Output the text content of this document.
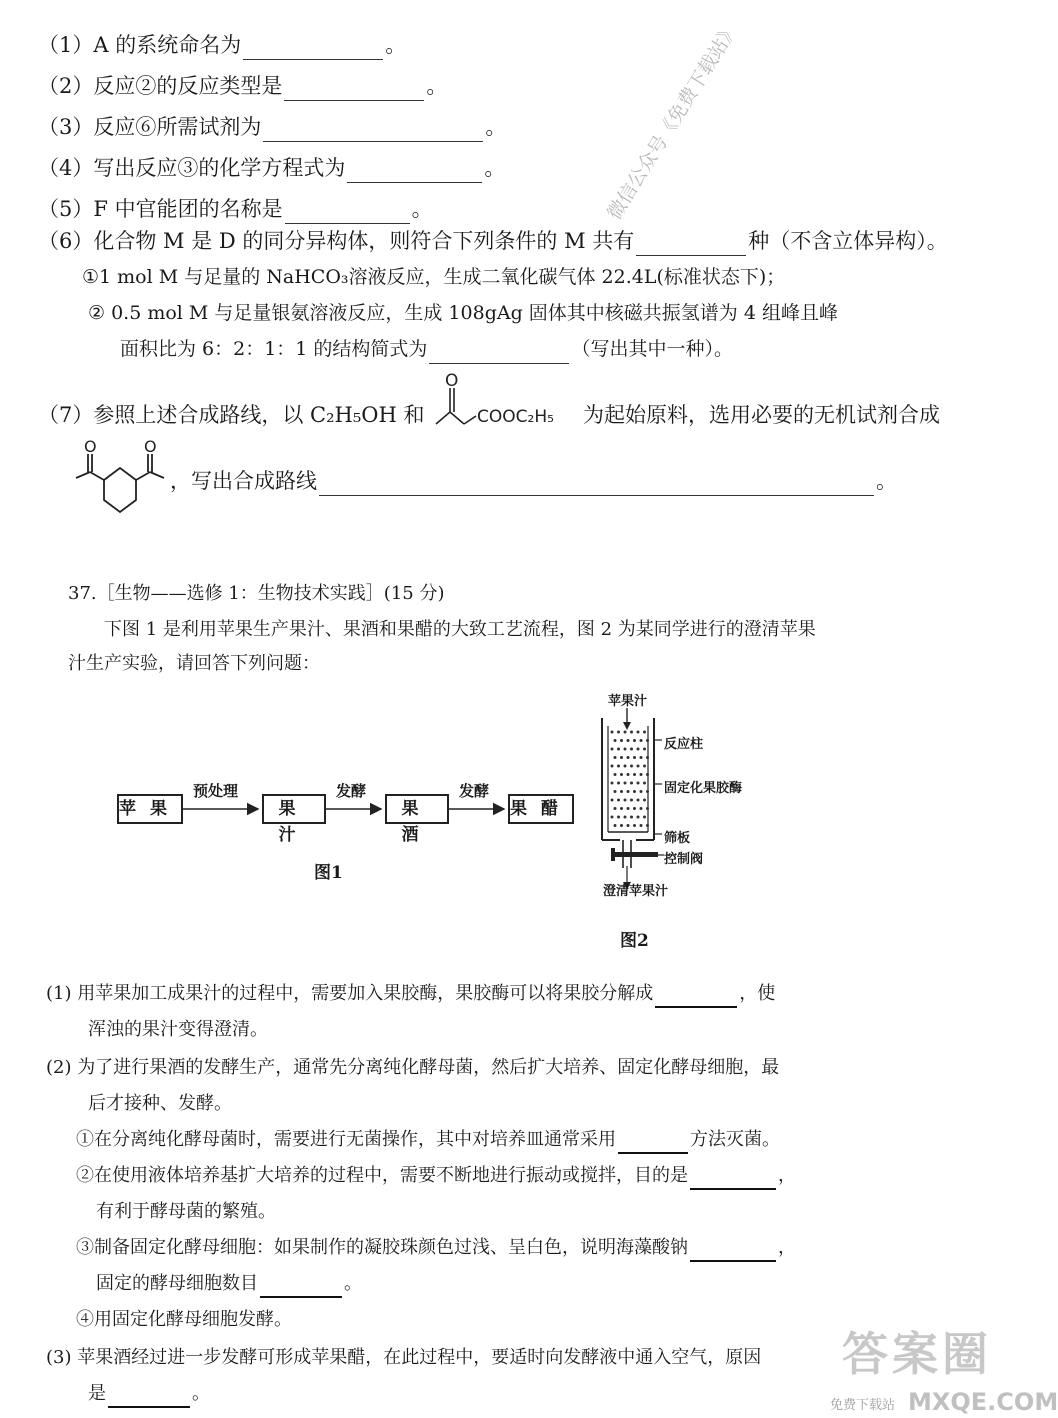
（1）A 的系统命名为	。
（2）反应②的反应类型是	。
（3）反应⑥所需试剂为	。
（4）写出反应③的化学方程式为	。
（5）F 中官能团的名称是	。
（6）化合物 M 是 D 的同分异构体，则符合下列条件的 M 共有	种（不含立体异构）。
①1 mol M 与足量的 NaHCO₃溶液反应，生成二氧化碳气体 22.4L(标准状态下)；
② 0.5 mol M 与足量银氨溶液反应，生成 108gAg 固体其中核磁共振氢谱为 4 组峰且峰
面积比为 6：2：1：1 的结构简式为	（写出其中一种）。
（7）参照上述合成路线，以 C₂H₅OH 和
O
COOC₂H₅ 为起始原料，选用必要的无机试剂合成
O	O
，写出合成路线	。
微信公众号《免费下载站》
37.［生物——选修 1：生物技术实践］(15 分)
下图 1 是利用苹果生产果汁、果酒和果醋的大致工艺流程，图 2 为某同学进行的澄清苹果
汁生产实验，请回答下列问题：
苹果	果汁
果酒
果醋
预处理	发酵	发酵
图1
苹果汁
反应柱
固定化果胶酶
筛板
控制阀
澄清苹果汁
图2
(1) 用苹果加工成果汁的过程中，需要加入果胶酶，果胶酶可以将果胶分解成	，使
浑浊的果汁变得澄清。
(2) 为了进行果酒的发酵生产，通常先分离纯化酵母菌，然后扩大培养、固定化酵母细胞，最
后才接种、发酵。
①在分离纯化酵母菌时，需要进行无菌操作，其中对培养皿通常采用	方法灭菌。
②在使用液体培养基扩大培养的过程中，需要不断地进行振动或搅拌，目的是	，
有利于酵母菌的繁殖。
③制备固定化酵母细胞：如果制作的凝胶珠颜色过浅、呈白色，说明海藻酸钠	，
固定的酵母细胞数目	。
④用固定化酵母细胞发酵。
(3) 苹果酒经过进一步发酵可形成苹果醋，在此过程中，要适时向发酵液中通入空气，原因
是	。
答案圈
免费下载站 MXQE.COM
